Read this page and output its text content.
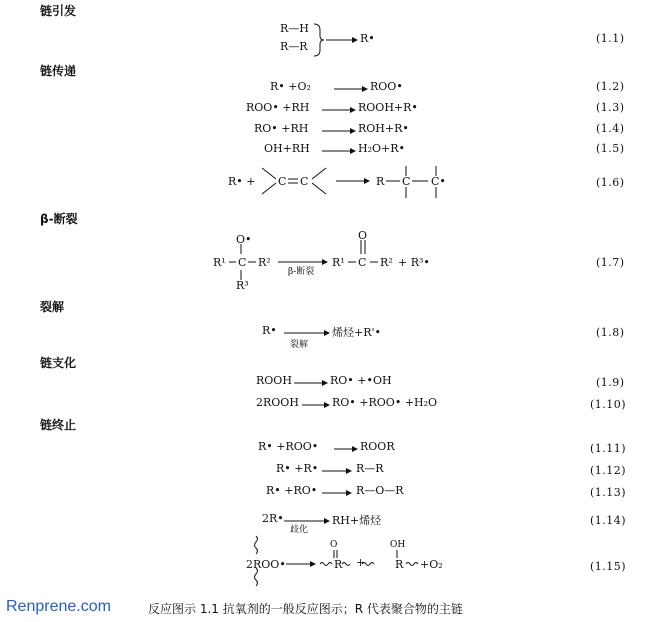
链引发
链传递
β-断裂
裂解
链支化
链终止
R—H
R—R
R•	(1.1)
R• +O₂	ROO•	(1.2)
ROO• +RH	ROOH+R•	(1.3)
RO• +RH	ROH+R•	(1.4)
OH+RH	H₂O+R•	(1.5)
R• + C C	R C C•	(1.6)
O•
R¹ C R²
R³
β-断裂
O
R¹ C R² + R³•	(1.7)
R•
裂解
烯烃+R'•	(1.8)
ROOH	RO• +•OH	(1.9)
2ROOH	RO• +ROO• +H₂O	(1.10)
R• +ROO•	ROOR	(1.11)
R• +R•	R—R	(1.12)
R• +RO•	R—O—R	(1.13)
2R•
歧化
RH+烯烃	(1.14)
2ROO•
O	OH
R +	R +O₂	(1.15)
Renprene.com	反应图示 1.1 抗氧剂的一般反应图示；R 代表聚合物的主链
